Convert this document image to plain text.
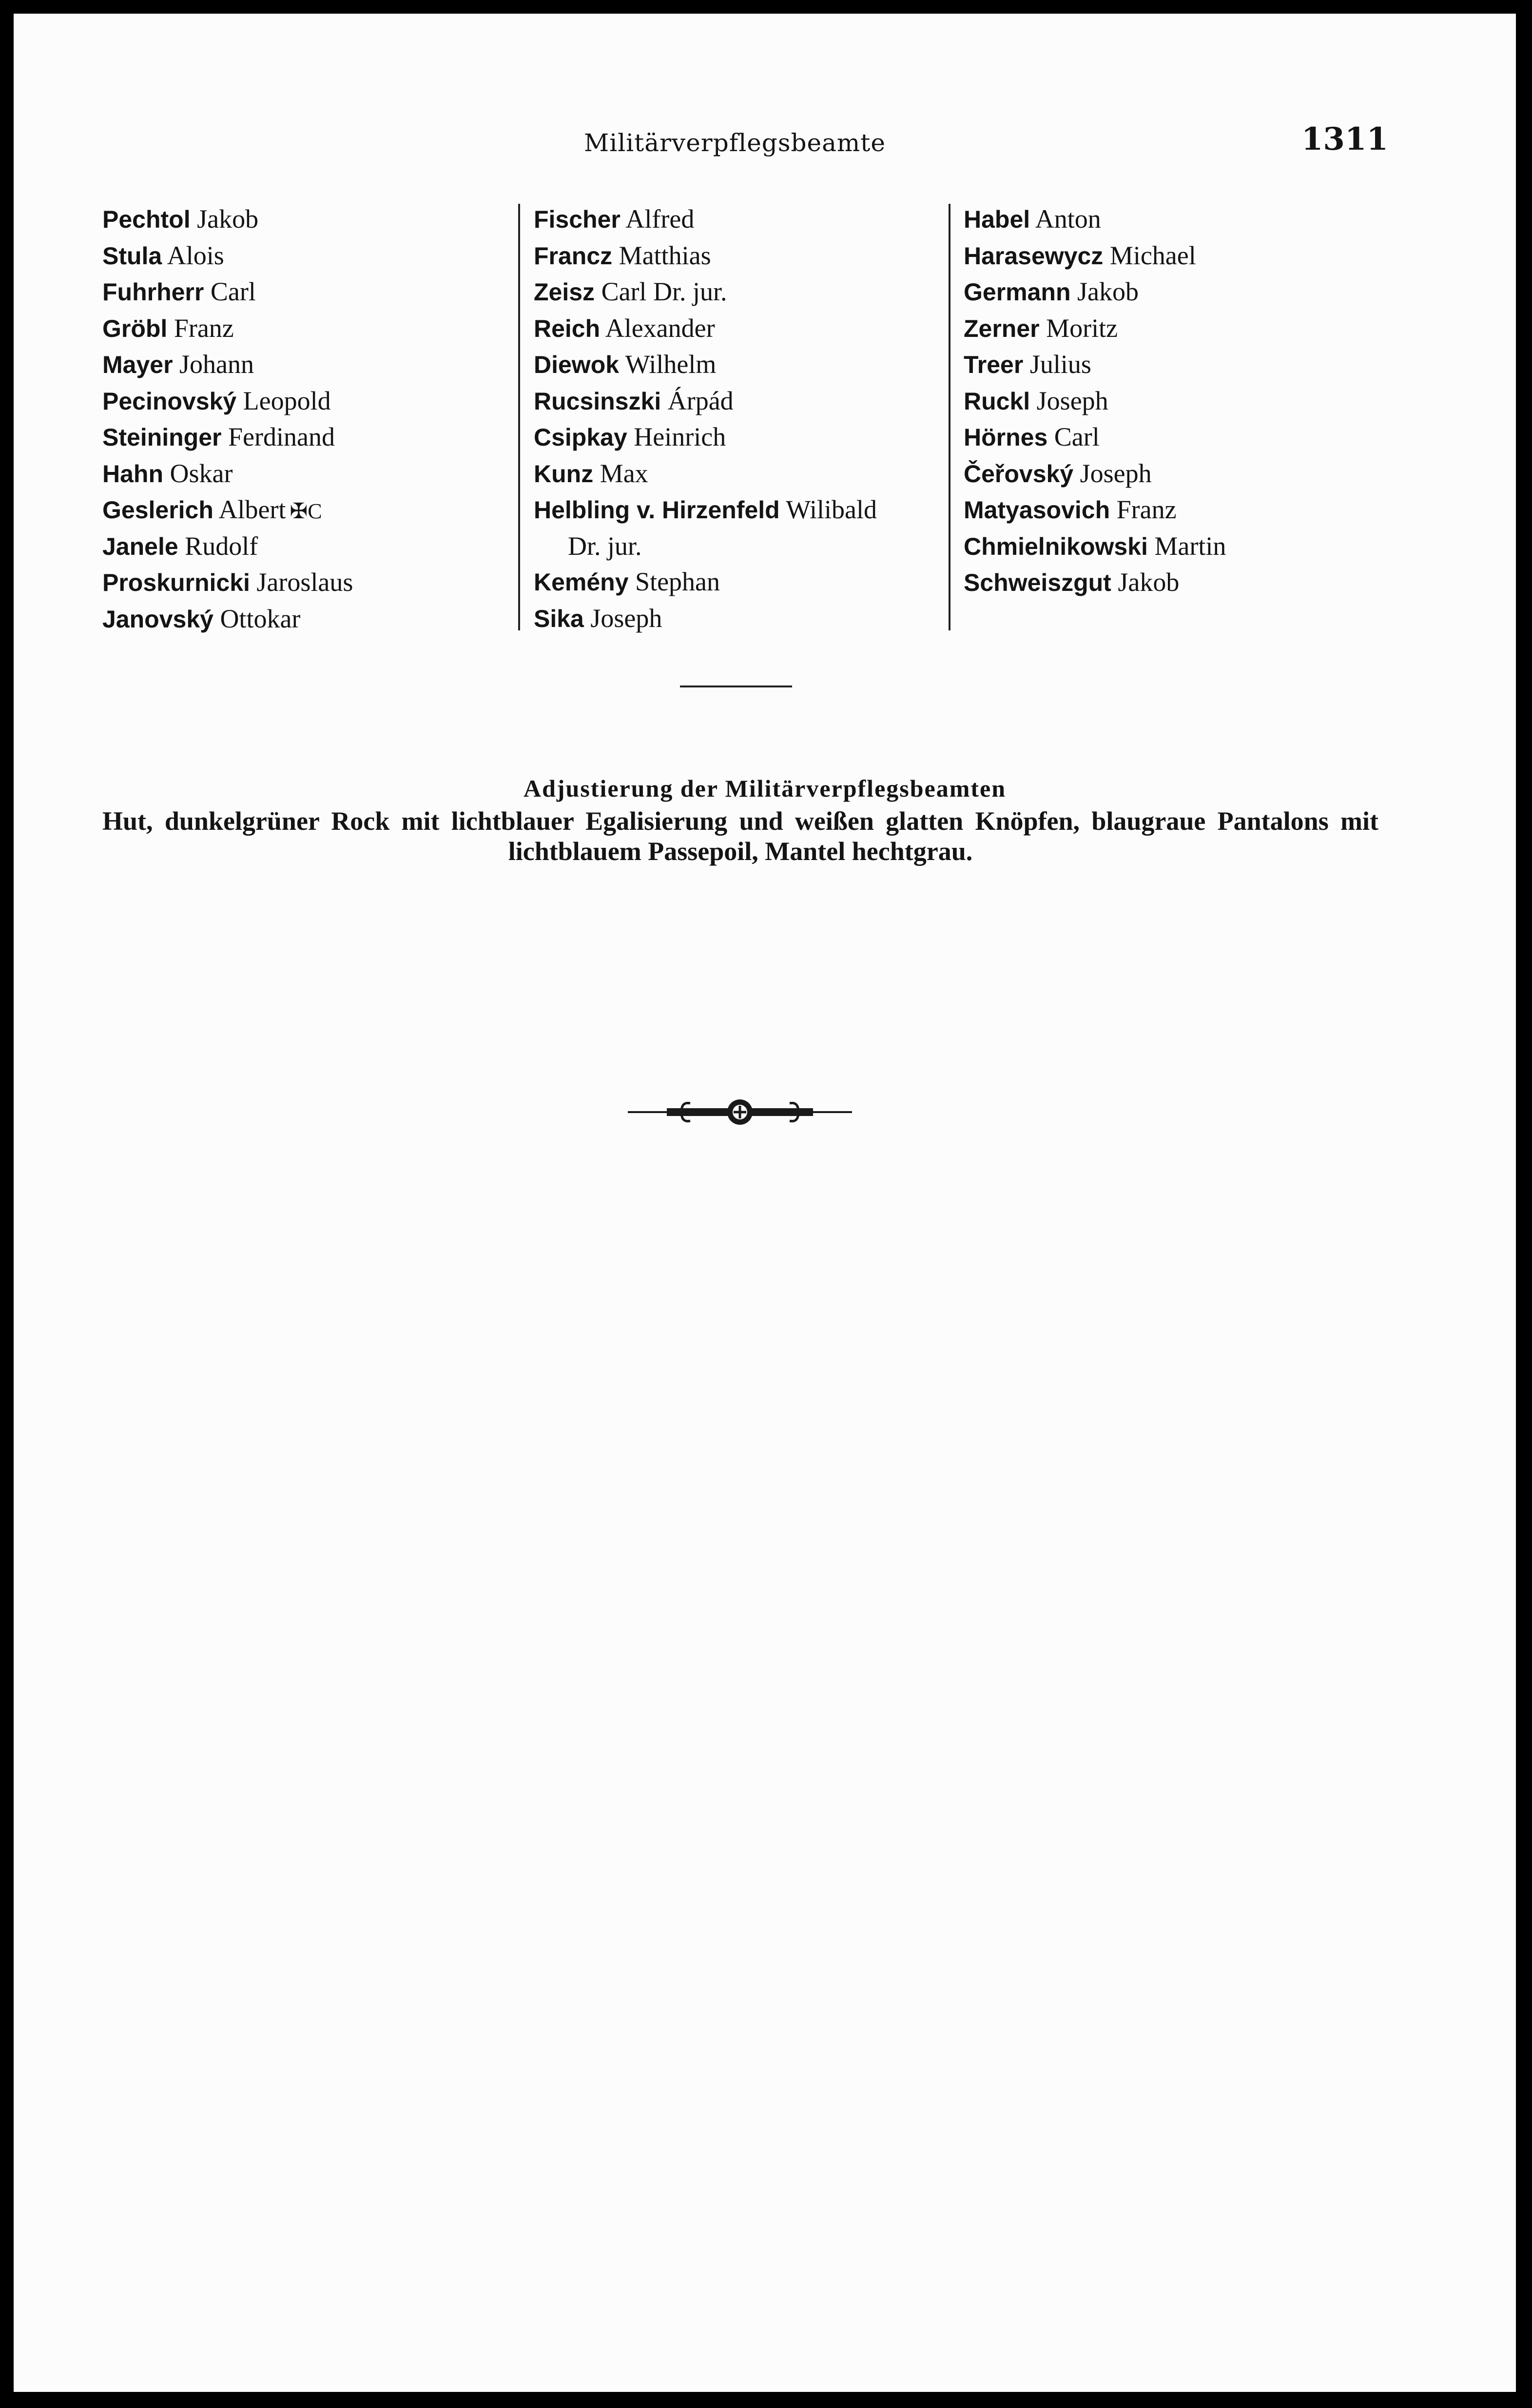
Militärverpflegsbeamte	1311
Pechtol Jakob
Stula Alois
Fuhrherr Carl
Gröbl Franz
Mayer Johann
Pecinovský Leopold
Steininger Ferdinand
Hahn Oskar
Geslerich Albert ✠C
Janele Rudolf
Proskurnicki Jaroslaus
Janovský Ottokar
Fischer Alfred
Francz Matthias
Zeisz Carl Dr. jur.
Reich Alexander
Diewok Wilhelm
Rucsinszki Árpád
Csipkay Heinrich
Kunz Max
Helbling v. Hirzenfeld Wilibald
Dr. jur.
Kemény Stephan
Sika Joseph
Habel Anton
Harasewycz Michael
Germann Jakob
Zerner Moritz
Treer Julius
Ruckl Joseph
Hörnes Carl
Čeřovský Joseph
Matyasovich Franz
Chmielnikowski Martin
Schweiszgut Jakob
Adjustierung der Militärverpflegsbeamten
Hut, dunkelgrüner Rock mit lichtblauer Egalisierung und weißen glatten Knöpfen, blaugraue Pantalons mit lichtblauem Passepoil, Mantel hechtgrau.
